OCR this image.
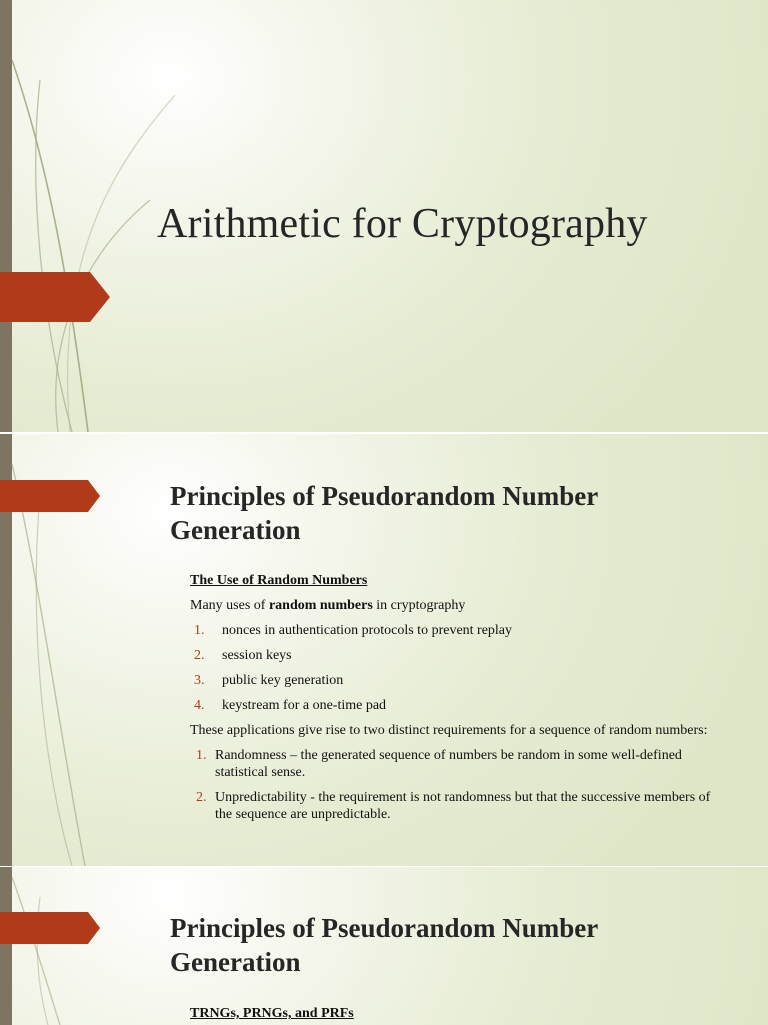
Arithmetic for Cryptography
Principles of Pseudorandom Number Generation
The Use of Random Numbers
Many uses of random numbers in cryptography
1. nonces in authentication protocols to prevent replay
2. session keys
3. public key generation
4. keystream for a one-time pad
These applications give rise to two distinct requirements for a sequence of random numbers:
1. Randomness – the generated sequence of numbers be random in some well-defined statistical sense.
2. Unpredictability - the requirement is not randomness but that the successive members of the sequence are unpredictable.
Principles of Pseudorandom Number Generation
TRNGs, PRNGs, and PRFs
